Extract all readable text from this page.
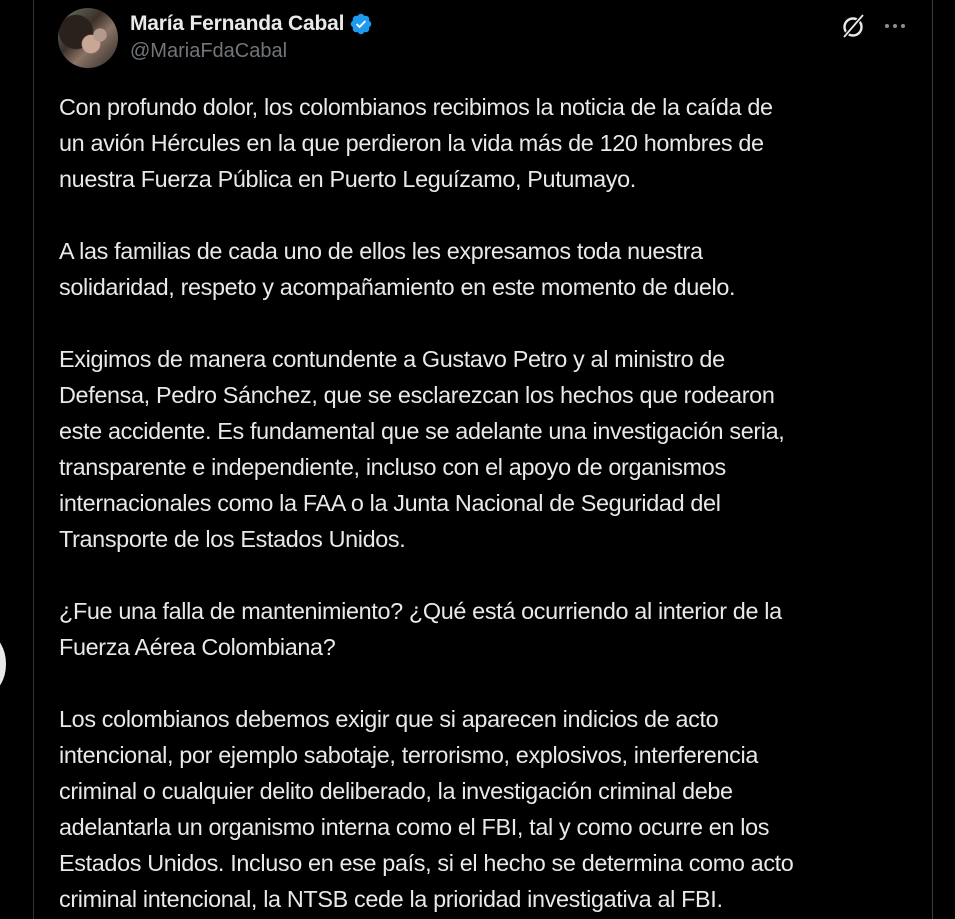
María Fernanda Cabal
@MariaFdaCabal

Con profundo dolor, los colombianos recibimos la noticia de la caída de
un avión Hércules en la que perdieron la vida más de 120 hombres de
nuestra Fuerza Pública en Puerto Leguízamo, Putumayo.

A las familias de cada uno de ellos les expresamos toda nuestra
solidaridad, respeto y acompañamiento en este momento de duelo.

Exigimos de manera contundente a Gustavo Petro y al ministro de
Defensa, Pedro Sánchez, que se esclarezcan los hechos que rodearon
este accidente. Es fundamental que se adelante una investigación seria,
transparente e independiente, incluso con el apoyo de organismos
internacionales como la FAA o la Junta Nacional de Seguridad del
Transporte de los Estados Unidos.

¿Fue una falla de mantenimiento? ¿Qué está ocurriendo al interior de la
Fuerza Aérea Colombiana?

Los colombianos debemos exigir que si aparecen indicios de acto
intencional, por ejemplo sabotaje, terrorismo, explosivos, interferencia
criminal o cualquier delito deliberado, la investigación criminal debe
adelantarla un organismo interna como el FBI, tal y como ocurre en los
Estados Unidos. Incluso en ese país, si el hecho se determina como acto
criminal intencional, la NTSB cede la prioridad investigativa al FBI.
